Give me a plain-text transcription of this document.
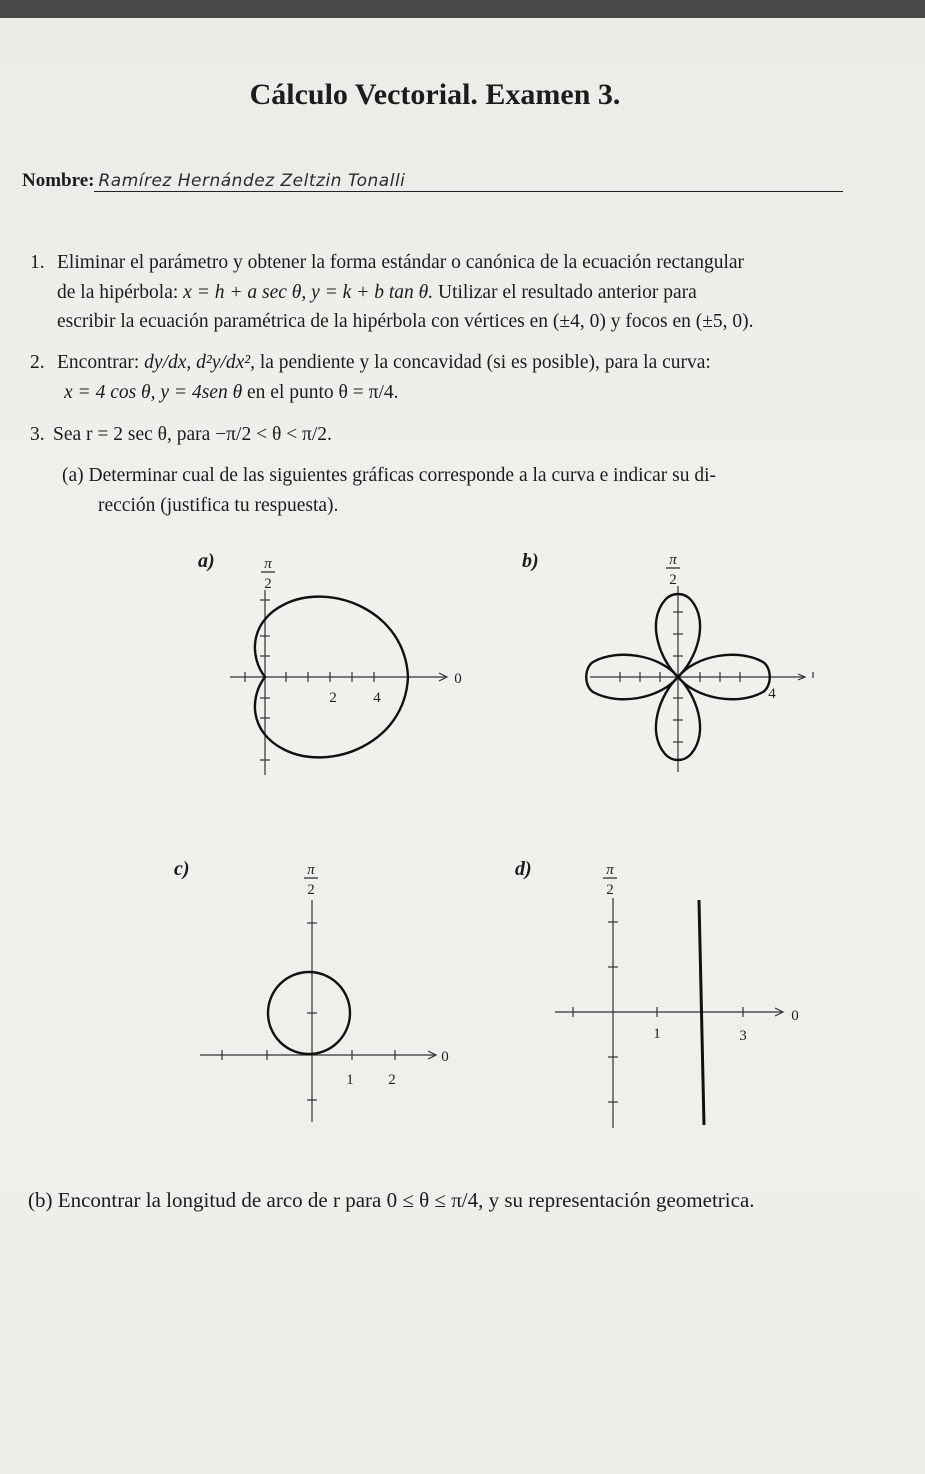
Cálculo Vectorial. Examen 3.
Nombre: Ramírez Hernández Zeltzin Tonalli
1. Eliminar el parámetro y obtener la forma estándar o canónica de la ecuación rectangular
de la hipérbola: x = h + a sec θ, y = k + b tan θ. Utilizar el resultado anterior para
escribir la ecuación paramétrica de la hipérbola con vértices en (±4, 0) y focos en (±5, 0).
2. Encontrar: dy/dx, d²y/dx², la pendiente y la concavidad (si es posible), para la curva:
x = 4 cos θ, y = 4sen θ en el punto θ = π/4.
3. Sea r = 2 sec θ, para −π/2 < θ < π/2.
(a) Determinar cual de las siguientes gráficas corresponde a la curva e indicar su di-
rección (justifica tu respuesta).
a)	π
2
2 4
0
b)	π
2
4
c)	π
2
1 2
0
d)	π
2
1	3
0
(b) Encontrar la longitud de arco de r para 0 ≤ θ ≤ π/4, y su representación geometrica.
